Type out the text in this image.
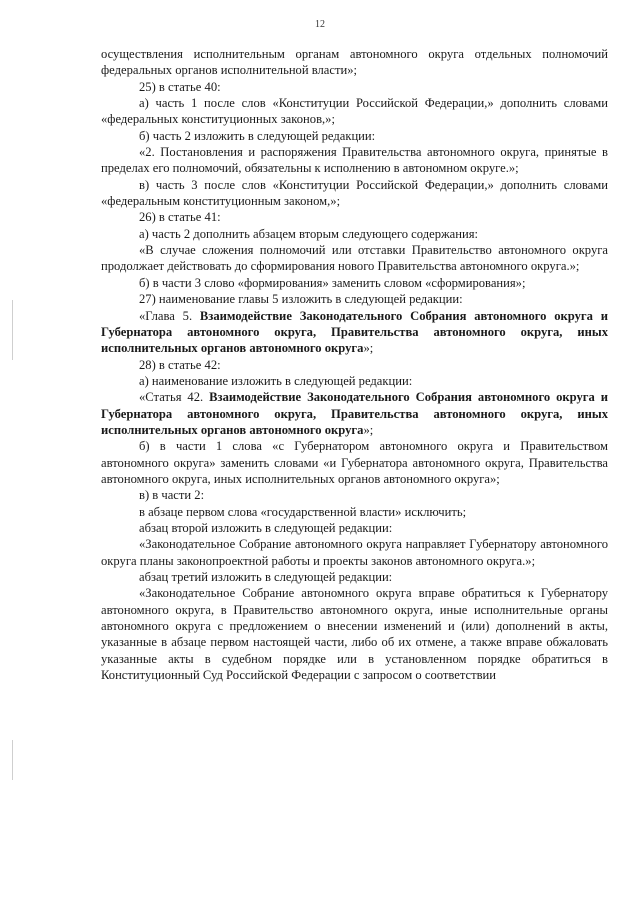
12

осуществления исполнительным органам автономного округа отдельных полномочий федеральных органов исполнительной власти»;

25) в статье 40:

а) часть 1 после слов «Конституции Российской Федерации,» дополнить словами «федеральных конституционных законов,»;

б) часть 2 изложить в следующей редакции:

«2. Постановления и распоряжения Правительства автономного округа, принятые в пределах его полномочий, обязательны к исполнению в автономном округе.»;

в) часть 3 после слов «Конституции Российской Федерации,» дополнить словами «федеральным конституционным законом,»;

26) в статье 41:

а) часть 2 дополнить абзацем вторым следующего содержания:

«В случае сложения полномочий или отставки Правительство автономного округа продолжает действовать до сформирования нового Правительства автономного округа.»;

б) в части 3 слово «формирования» заменить словом «сформирования»;

27) наименование главы 5 изложить в следующей редакции:

«Глава 5. Взаимодействие Законодательного Собрания автономного округа и Губернатора автономного округа, Правительства автономного округа, иных исполнительных органов автономного округа»;

28) в статье 42:

а) наименование изложить в следующей редакции:

«Статья 42. Взаимодействие Законодательного Собрания автономного округа и Губернатора автономного округа, Правительства автономного округа, иных исполнительных органов автономного округа»;

б) в части 1 слова «с Губернатором автономного округа и Правительством автономного округа» заменить словами «и Губернатора автономного округа, Правительства автономного округа, иных исполнительных органов автономного округа»;

в) в части 2:

в абзаце первом слова «государственной власти» исключить;

абзац второй изложить в следующей редакции:

«Законодательное Собрание автономного округа направляет Губернатору автономного округа планы законопроектной работы и проекты законов автономного округа.»;

абзац третий изложить в следующей редакции:

«Законодательное Собрание автономного округа вправе обратиться к Губернатору автономного округа, в Правительство автономного округа, иные исполнительные органы автономного округа с предложением о внесении изменений и (или) дополнений в акты, указанные в абзаце первом настоящей части, либо об их отмене, а также вправе обжаловать указанные акты в судебном порядке или в установленном порядке обратиться в Конституционный Суд Российской Федерации с запросом о соответствии
